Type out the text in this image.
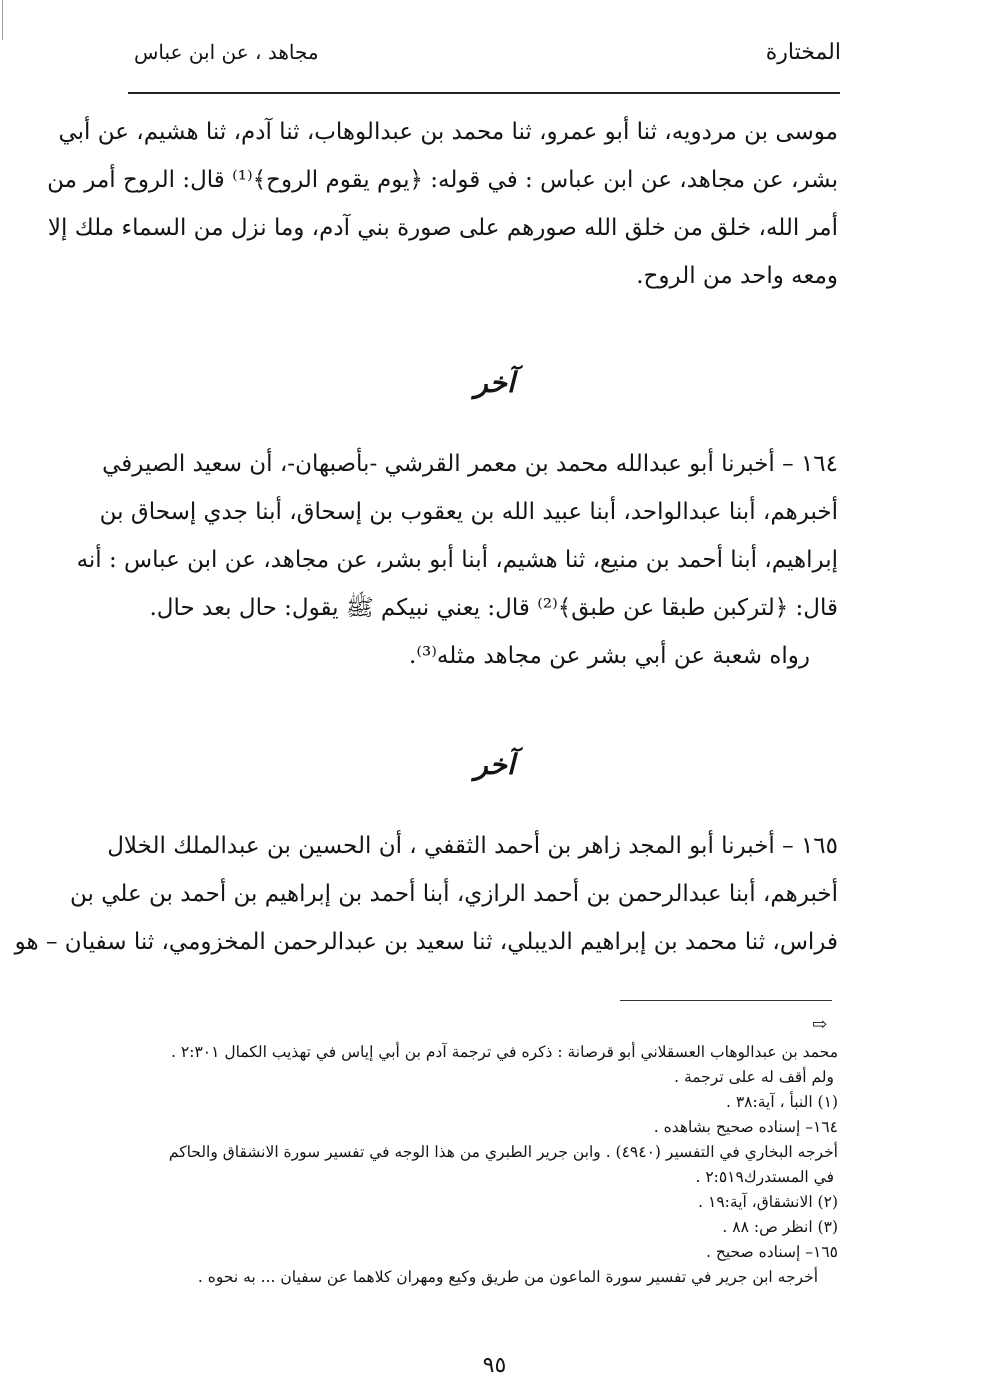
المختارة
مجاهد ، عن ابن عباس
موسى بن مردويه، ثنا أبو عمرو، ثنا محمد بن عبدالوهاب، ثنا آدم، ثنا هشيم، عن أبي
بشر، عن مجاهد، عن ابن عباس : في قوله: ﴿يوم يقوم الروح﴾⁽¹⁾ قال: الروح أمر من
أمر الله، خلق من خلق الله صورهم على صورة بني آدم، وما نزل من السماء ملك إلا
ومعه واحد من الروح.
آخر
١٦٤ – أخبرنا أبو عبدالله محمد بن معمر القرشي -بأصبهان-، أن سعيد الصيرفي
أخبرهم، أبنا عبدالواحد، أبنا عبيد الله بن يعقوب بن إسحاق، أبنا جدي إسحاق بن
إبراهيم، أبنا أحمد بن منيع، ثنا هشيم، أبنا أبو بشر، عن مجاهد، عن ابن عباس : أنه
قال: ﴿لتركبن طبقا عن طبق﴾⁽²⁾ قال: يعني نبيكم ﷺ يقول: حال بعد حال.
رواه شعبة عن أبي بشر عن مجاهد مثله⁽³⁾.
آخر
١٦٥ – أخبرنا أبو المجد زاهر بن أحمد الثقفي ، أن الحسين بن عبدالملك الخلال
أخبرهم، أبنا عبدالرحمن بن أحمد الرازي، أبنا أحمد بن إبراهيم بن أحمد بن علي بن
فراس، ثنا محمد بن إبراهيم الديبلي، ثنا سعيد بن عبدالرحمن المخزومي، ثنا سفيان – هو
⇨
محمد بن عبدالوهاب العسقلاني أبو قرصانة : ذكره في ترجمة آدم بن أبي إياس في تهذيب الكمال ٢:٣٠١ .
ولم أقف له على ترجمة .
(١) النبأ ، آية:٣٨ .
١٦٤– إسناده صحيح بشاهده .
أخرجه البخاري في التفسير (٤٩٤٠) . وابن جرير الطبري من هذا الوجه في تفسير سورة الانشقاق والحاكم
في المستدرك٢:٥١٩ .
(٢) الانشقاق، آية:١٩ .
(٣) انظر ص: ٨٨ .
١٦٥– إسناده صحيح .
أخرجه ابن جرير في تفسير سورة الماعون من طريق وكيع ومهران كلاهما عن سفيان ... به نحوه .
٩٥
